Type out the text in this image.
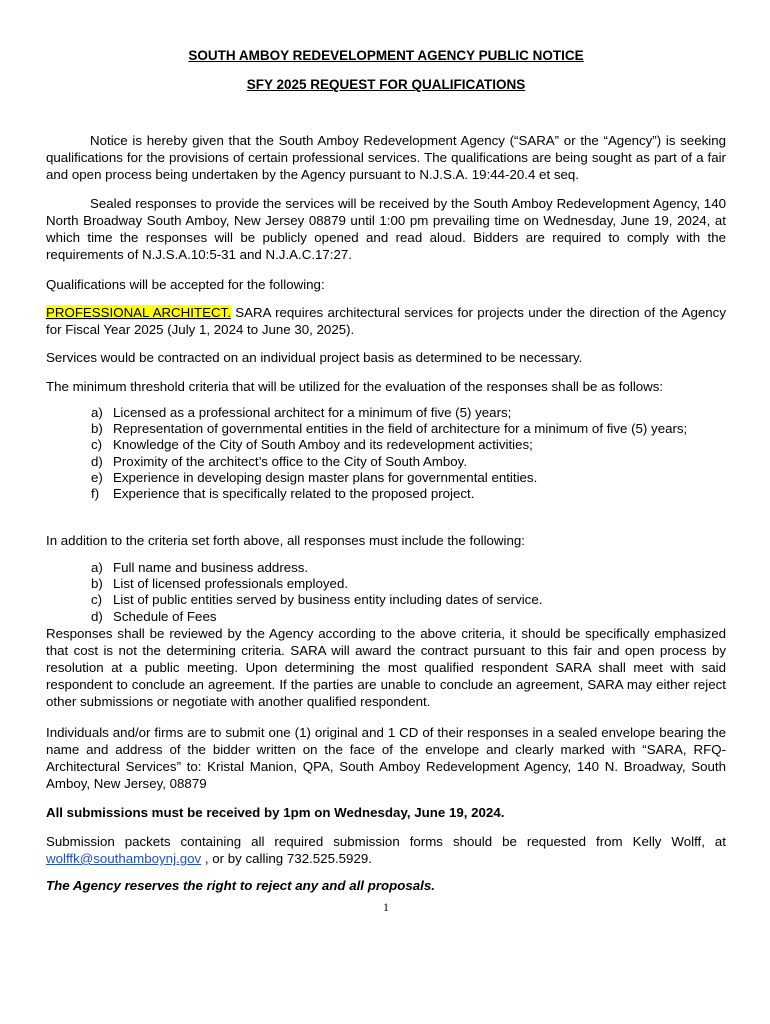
SOUTH AMBOY REDEVELOPMENT AGENCY PUBLIC NOTICE
SFY 2025 REQUEST FOR QUALIFICATIONS
Notice is hereby given that the South Amboy Redevelopment Agency (“SARA” or the “Agency”) is seeking qualifications for the provisions of certain professional services. The qualifications are being sought as part of a fair and open process being undertaken by the Agency pursuant to N.J.S.A. 19:44-20.4 et seq.
Sealed responses to provide the services will be received by the South Amboy Redevelopment Agency, 140 North Broadway South Amboy, New Jersey 08879 until 1:00 pm prevailing time on Wednesday, June 19, 2024, at which time the responses will be publicly opened and read aloud. Bidders are required to comply with the requirements of N.J.S.A.10:5-31 and N.J.A.C.17:27.
Qualifications will be accepted for the following:
PROFESSIONAL ARCHITECT. SARA requires architectural services for projects under the direction of the Agency for Fiscal Year 2025 (July 1, 2024 to June 30, 2025).
Services would be contracted on an individual project basis as determined to be necessary.
The minimum threshold criteria that will be utilized for the evaluation of the responses shall be as follows:
a) Licensed as a professional architect for a minimum of five (5) years;
b) Representation of governmental entities in the field of architecture for a minimum of five (5) years;
c) Knowledge of the City of South Amboy and its redevelopment activities;
d) Proximity of the architect’s office to the City of South Amboy.
e) Experience in developing design master plans for governmental entities.
f) Experience that is specifically related to the proposed project.
In addition to the criteria set forth above, all responses must include the following:
a) Full name and business address.
b) List of licensed professionals employed.
c) List of public entities served by business entity including dates of service.
d) Schedule of Fees
Responses shall be reviewed by the Agency according to the above criteria, it should be specifically emphasized that cost is not the determining criteria. SARA will award the contract pursuant to this fair and open process by resolution at a public meeting. Upon determining the most qualified respondent SARA shall meet with said respondent to conclude an agreement. If the parties are unable to conclude an agreement, SARA may either reject other submissions or negotiate with another qualified respondent.
Individuals and/or firms are to submit one (1) original and 1 CD of their responses in a sealed envelope bearing the name and address of the bidder written on the face of the envelope and clearly marked with “SARA, RFQ-Architectural Services” to: Kristal Manion, QPA, South Amboy Redevelopment Agency, 140 N. Broadway, South Amboy, New Jersey, 08879
All submissions must be received by 1pm on Wednesday, June 19, 2024.
Submission packets containing all required submission forms should be requested from Kelly Wolff, at wolffk@southamboynj.gov , or by calling 732.525.5929.
The Agency reserves the right to reject any and all proposals.
1
